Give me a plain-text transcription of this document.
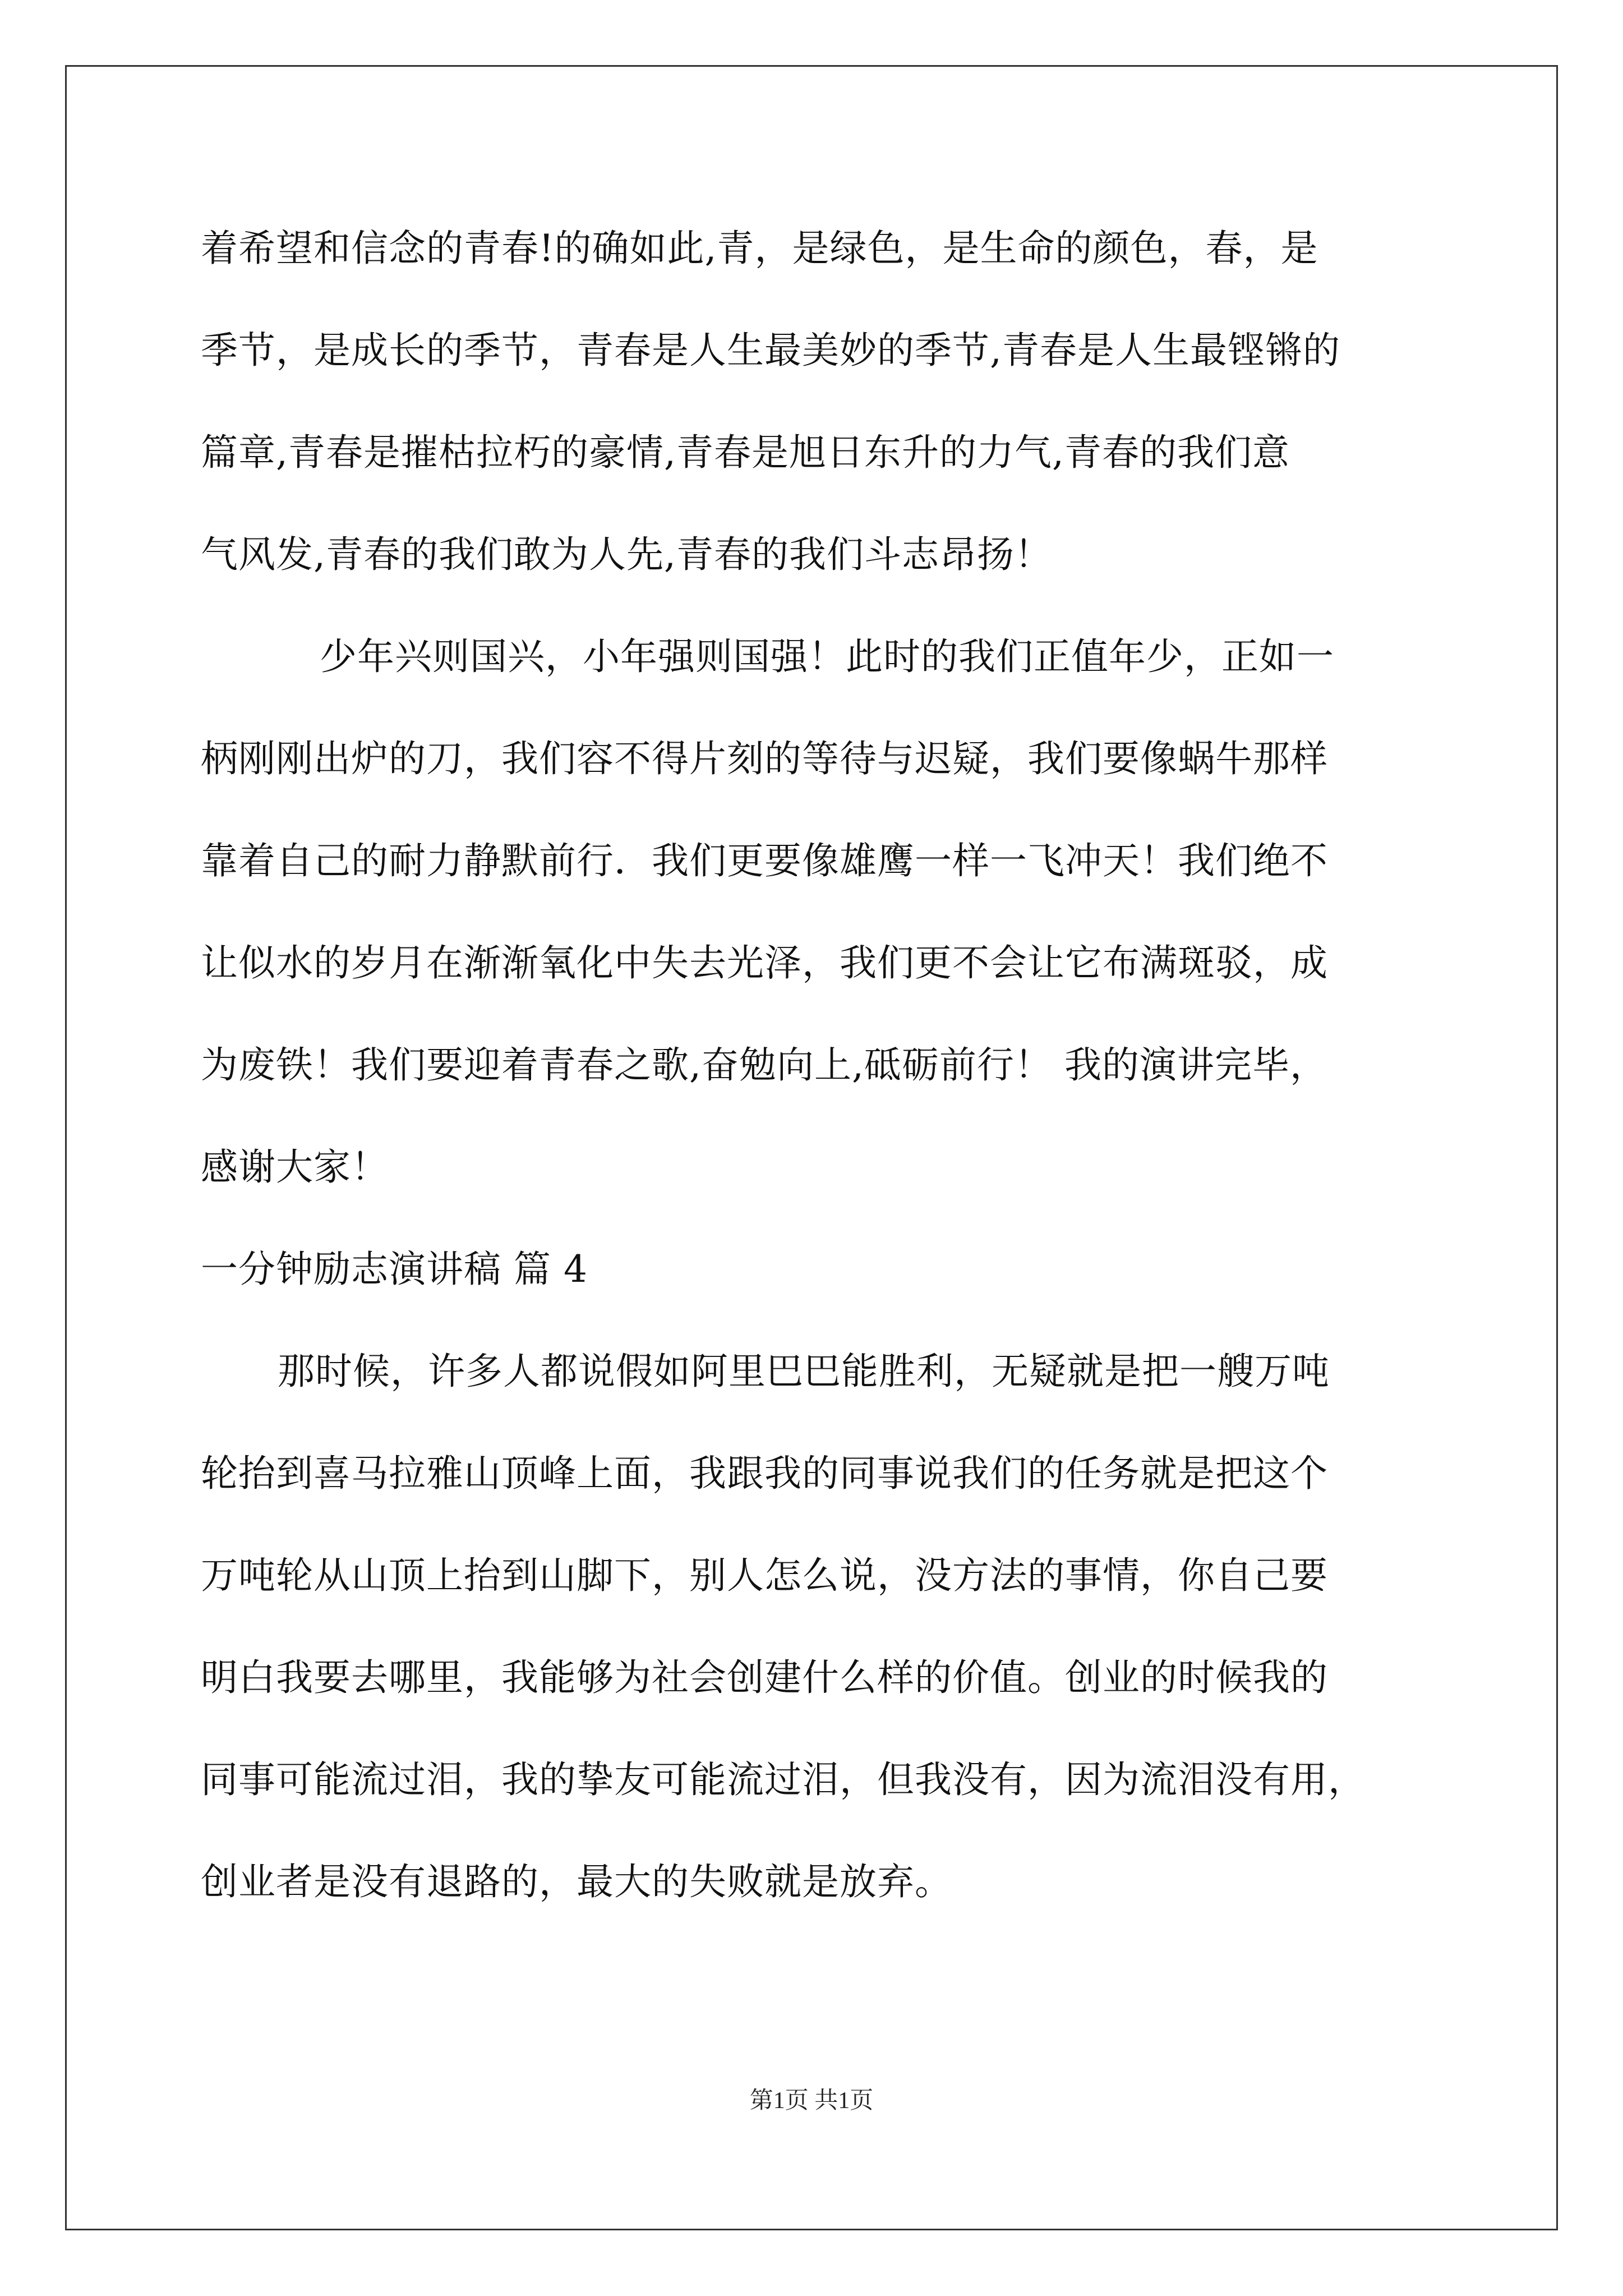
着希望和信念的青春!的确如此,青，是绿色，是生命的颜色，春，是
季节，是成长的季节，青春是人生最美妙的季节,青春是人生最铿锵的
篇章,青春是摧枯拉朽的豪情,青春是旭日东升的力气,青春的我们意
气风发,青春的我们敢为人先,青春的我们斗志昂扬！
少年兴则国兴，小年强则国强！此时的我们正值年少，正如一
柄刚刚出炉的刀，我们容不得片刻的等待与迟疑，我们要像蜗牛那样
靠着自己的耐力静默前行．我们更要像雄鹰一样一飞冲天！我们绝不
让似水的岁月在渐渐氧化中失去光泽，我们更不会让它布满斑驳，成
为废铁！我们要迎着青春之歌,奋勉向上,砥砺前行！ 我的演讲完毕，
感谢大家！
一分钟励志演讲稿 篇 4
那时候，许多人都说假如阿里巴巴能胜利，无疑就是把一艘万吨
轮抬到喜马拉雅山顶峰上面，我跟我的同事说我们的任务就是把这个
万吨轮从山顶上抬到山脚下，别人怎么说，没方法的事情，你自己要
明白我要去哪里，我能够为社会创建什么样的价值。创业的时候我的
同事可能流过泪，我的挚友可能流过泪，但我没有，因为流泪没有用，
创业者是没有退路的，最大的失败就是放弃。
第1页 共1页
